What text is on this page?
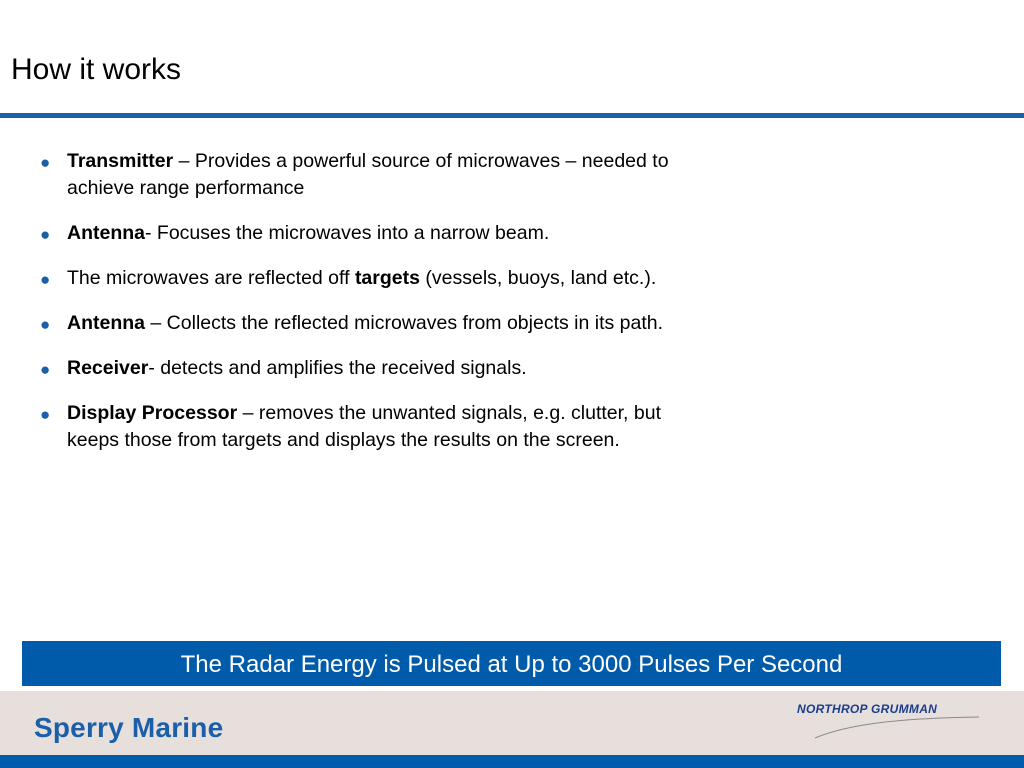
How it works
● Transmitter – Provides a powerful source of microwaves – needed to achieve range performance
● Antenna- Focuses the microwaves into a narrow beam.
● The microwaves are reflected off targets (vessels, buoys, land etc.).
● Antenna – Collects the reflected microwaves from objects in its path.
● Receiver- detects and amplifies the received signals.
● Display Processor – removes the unwanted signals, e.g. clutter, but keeps those from targets and displays the results on the screen.
The Radar Energy is Pulsed at Up to 3000 Pulses Per Second
Sperry Marine
NORTHROP GRUMMAN
